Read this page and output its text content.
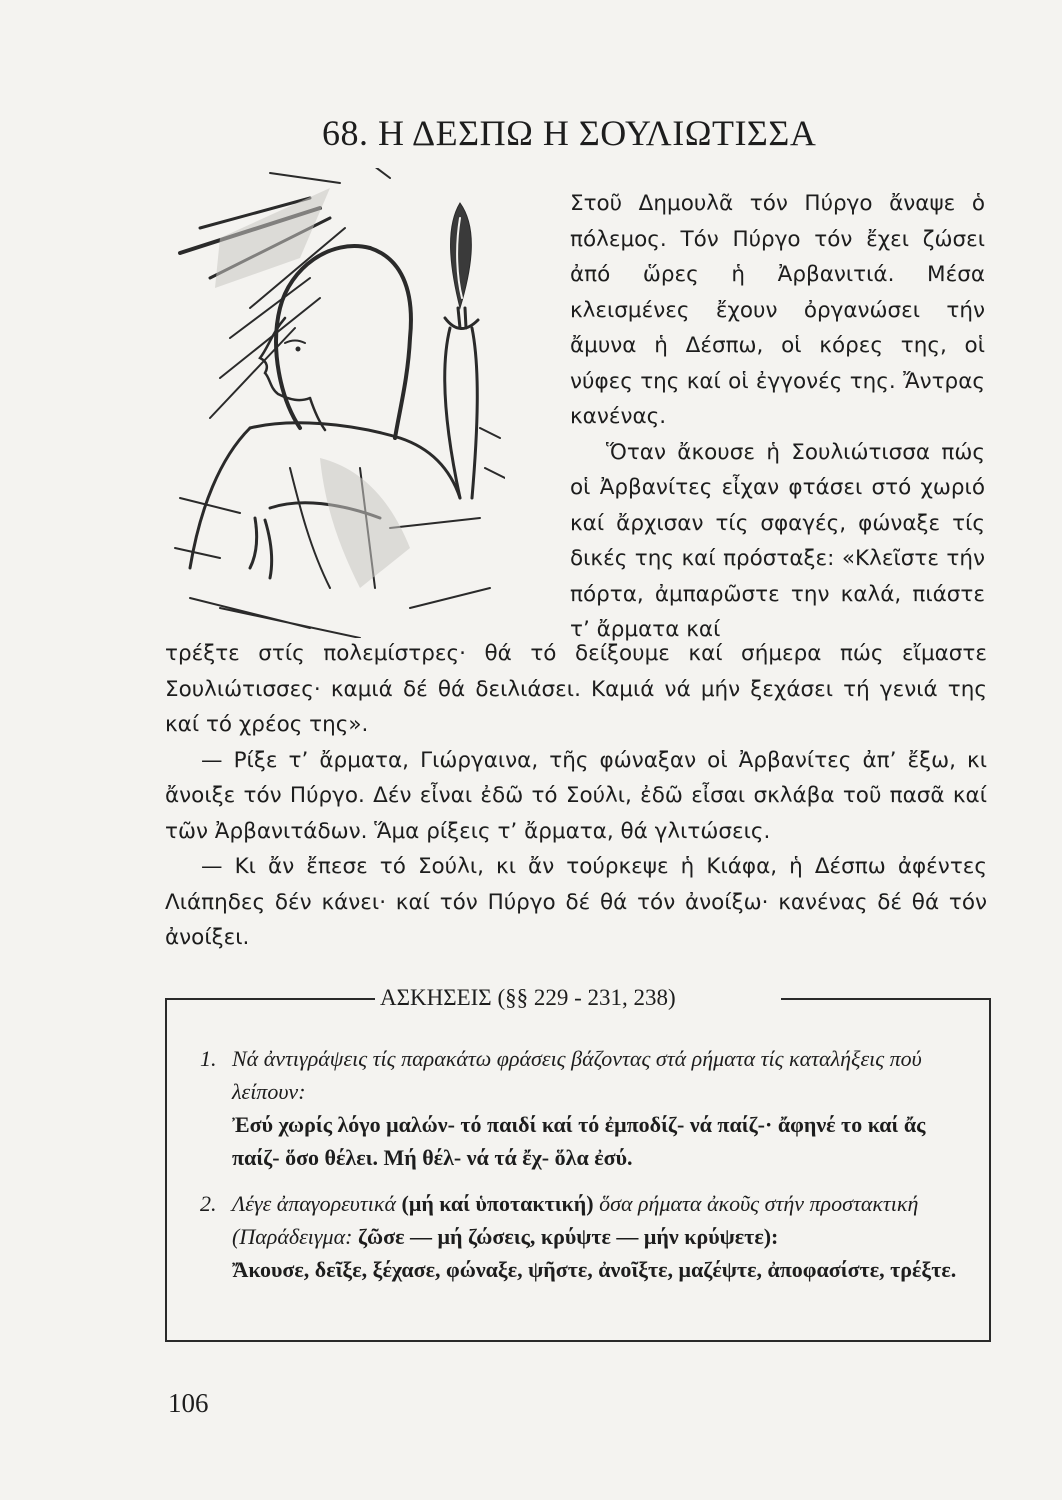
68. Η ΔΕΣΠΩ Η ΣΟΥΛΙΩΤΙΣΣΑ

Στοῦ Δημουλᾶ τόν Πύργο ἄναψε ὁ πόλεμος. Τόν Πύργο τόν ἔχει ζώσει ἀπό ὥρες ἡ Ἀρβανιτιά. Μέσα κλεισμένες ἔχουν ὀργανώσει τήν ἄμυνα ἡ Δέσπω, οἱ κόρες της, οἱ νύφες της καί οἱ ἐγγονές της. Ἄντρας κανένας.

Ὅταν ἄκουσε ἡ Σουλιώτισσα πώς οἱ Ἀρβανίτες εἶχαν φτάσει στό χωριό καί ἄρχισαν τίς σφαγές, φώναξε τίς δικές της καί πρόσταξε: «Κλεῖστε τήν πόρτα, ἀμπαρῶστε την καλά, πιάστε τ’ ἄρματα καί

τρέξτε στίς πολεμίστρες· θά τό δείξουμε καί σήμερα πώς εἴμαστε Σουλιώτισσες· καμιά δέ θά δειλιάσει. Καμιά νά μήν ξεχάσει τή γενιά της καί τό χρέος της».

— Ρίξε τ’ ἄρματα, Γιώργαινα, τῆς φώναξαν οἱ Ἀρβανίτες ἀπ’ ἔξω, κι ἄνοιξε τόν Πύργο. Δέν εἶναι ἐδῶ τό Σούλι, ἐδῶ εἶσαι σκλάβα τοῦ πασᾶ καί τῶν Ἀρβανιτάδων. Ἅμα ρίξεις τ’ ἄρματα, θά γλιτώσεις.

— Κι ἄν ἔπεσε τό Σούλι, κι ἄν τούρκεψε ἡ Κιάφα, ἡ Δέσπω ἀφέντες Λιάπηδες δέν κάνει· καί τόν Πύργο δέ θά τόν ἀνοίξω· κανένας δέ θά τόν ἀνοίξει.

ΑΣΚΗΣΕΙΣ (§§ 229 - 231, 238)
1. Νά ἀντιγράψεις τίς παρακάτω φράσεις βάζοντας στά ρήματα τίς καταλήξεις πού λείπουν:
Ἐσύ χωρίς λόγο μαλών- τό παιδί καί τό ἐμποδίζ- νά παίζ-· ἄφηνέ το καί ἄς παίζ- ὅσο θέλει. Μή θέλ- νά τά ἔχ- ὅλα ἐσύ.
2. Λέγε ἀπαγορευτικά (μή καί ὑποτακτική) ὅσα ρήματα ἀκοῦς στήν προστακτική
(Παράδειγμα: ζῶσε — μή ζώσεις, κρύψτε — μήν κρύψετε):
Ἄκουσε, δεῖξε, ξέχασε, φώναξε, ψῆστε, ἀνοῖξτε, μαζέψτε, ἀποφασίστε, τρέξτε.
106
